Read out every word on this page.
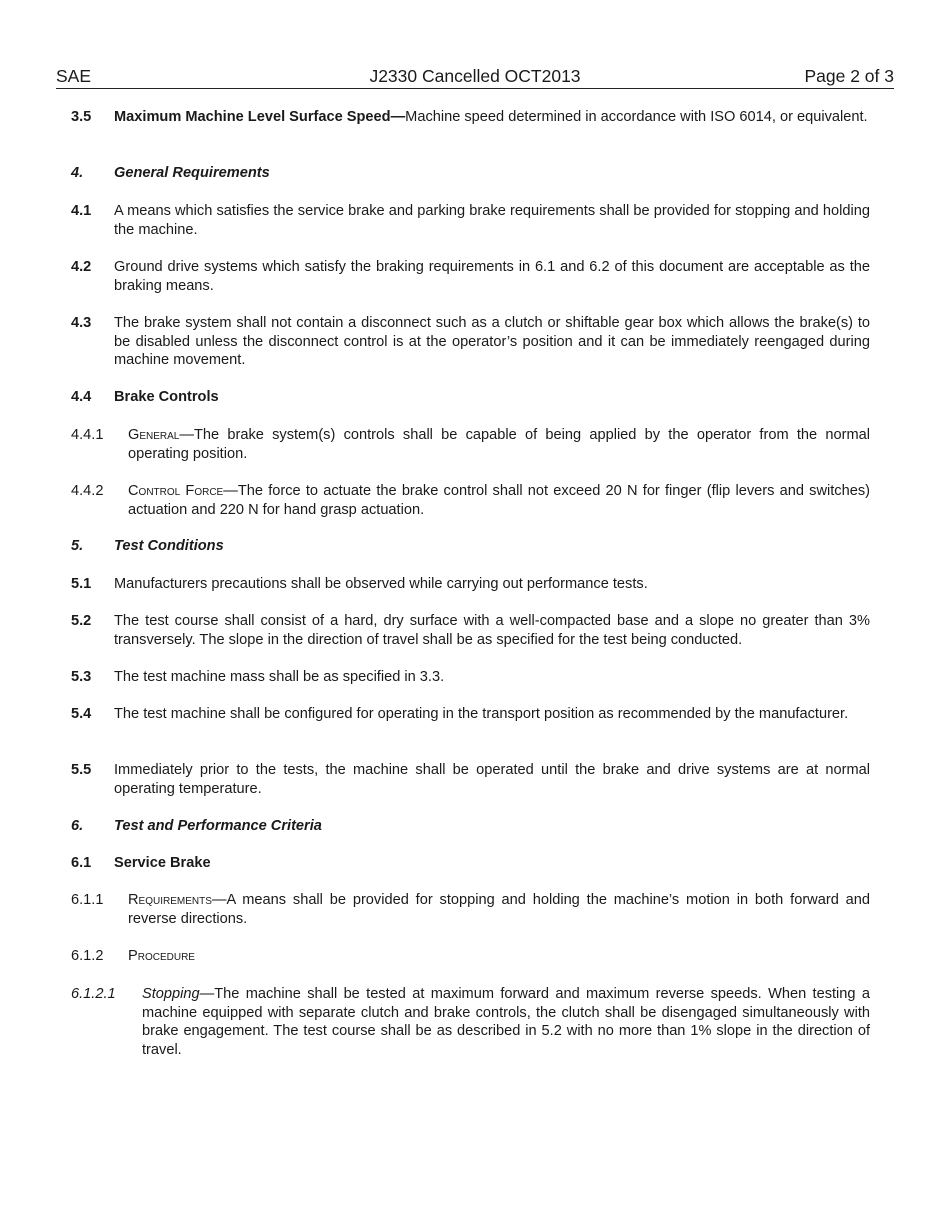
SAE	J2330 Cancelled OCT2013	Page 2 of 3
3.5 Maximum Machine Level Surface Speed—Machine speed determined in accordance with ISO 6014, or equivalent.
4. General Requirements
4.1 A means which satisfies the service brake and parking brake requirements shall be provided for stopping and holding the machine.
4.2 Ground drive systems which satisfy the braking requirements in 6.1 and 6.2 of this document are acceptable as the braking means.
4.3 The brake system shall not contain a disconnect such as a clutch or shiftable gear box which allows the brake(s) to be disabled unless the disconnect control is at the operator’s position and it can be immediately reengaged during machine movement.
4.4 Brake Controls
4.4.1 General—The brake system(s) controls shall be capable of being applied by the operator from the normal operating position.
4.4.2 Control Force—The force to actuate the brake control shall not exceed 20 N for finger (flip levers and switches) actuation and 220 N for hand grasp actuation.
5. Test Conditions
5.1 Manufacturers precautions shall be observed while carrying out performance tests.
5.2 The test course shall consist of a hard, dry surface with a well-compacted base and a slope no greater than 3% transversely. The slope in the direction of travel shall be as specified for the test being conducted.
5.3 The test machine mass shall be as specified in 3.3.
5.4 The test machine shall be configured for operating in the transport position as recommended by the manufacturer.
5.5 Immediately prior to the tests, the machine shall be operated until the brake and drive systems are at normal operating temperature.
6. Test and Performance Criteria
6.1 Service Brake
6.1.1 Requirements—A means shall be provided for stopping and holding the machine’s motion in both forward and reverse directions.
6.1.2 Procedure
6.1.2.1 Stopping—The machine shall be tested at maximum forward and maximum reverse speeds. When testing a machine equipped with separate clutch and brake controls, the clutch shall be disengaged simultaneously with brake engagement. The test course shall be as described in 5.2 with no more than 1% slope in the direction of travel.
